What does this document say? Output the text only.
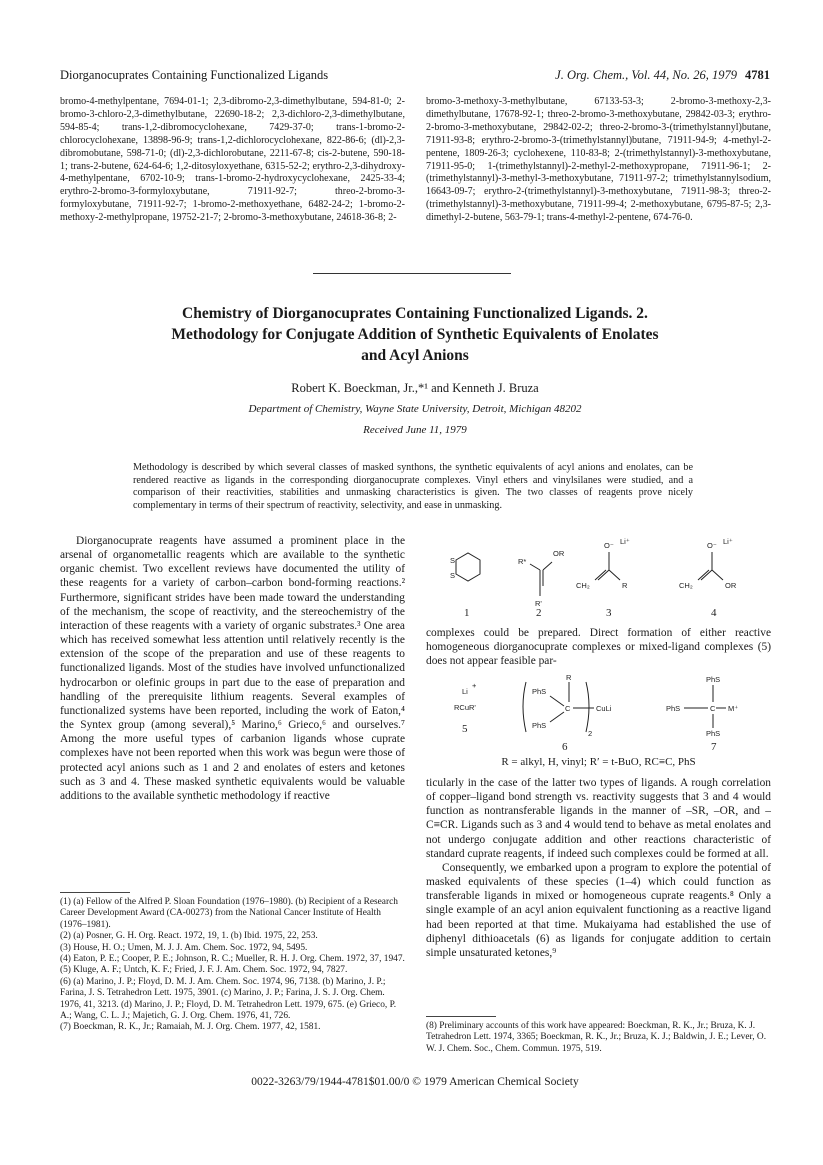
Diorganocuprates Containing Functionalized Ligands	J. Org. Chem., Vol. 44, No. 26, 1979 4781

bromo-4-methylpentane, 7694-01-1; 2,3-dibromo-2,3-dimethylbutane, 594-81-0; 2-bromo-3-chloro-2,3-dimethylbutane, 22690-18-2; 2,3-dichloro-2,3-dimethylbutane, 594-85-4; trans-1,2-dibromocyclohexane, 7429-37-0; trans-1-bromo-2-chlorocyclohexane, 13898-96-9; trans-1,2-dichlorocyclohexane, 822-86-6; (dl)-2,3-dibromobutane, 598-71-0; (dl)-2,3-dichlorobutane, 2211-67-8; cis-2-butene, 590-18-1; trans-2-butene, 624-64-6; 1,2-ditosyloxyethane, 6315-52-2; erythro-2,3-dihydroxy-4-methylpentane, 6702-10-9; trans-1-bromo-2-hydroxycyclohexane, 2425-33-4; erythro-2-bromo-3-formyloxybutane, 71911-92-7; threo-2-bromo-3-formyloxybutane, 71911-92-7; 1-bromo-2-methoxyethane, 6482-24-2; 1-bromo-2-methoxy-2-methylpropane, 19752-21-7; 2-bromo-3-methoxybutane, 24618-36-8; 2-

bromo-3-methoxy-3-methylbutane, 67133-53-3; 2-bromo-3-methoxy-2,3-dimethylbutane, 17678-92-1; threo-2-bromo-3-methoxybutane, 29842-03-3; erythro-2-bromo-3-methoxybutane, 29842-02-2; threo-2-bromo-3-(trimethylstannyl)butane, 71911-93-8; erythro-2-bromo-3-(trimethylstannyl)butane, 71911-94-9; 4-methyl-2-pentene, 1809-26-3; cyclohexene, 110-83-8; 2-(trimethylstannyl)-3-methoxybutane, 71911-95-0; 1-(trimethylstannyl)-2-methyl-2-methoxypropane, 71911-96-1; 2-(trimethylstannyl)-3-methyl-3-methoxybutane, 71911-97-2; trimethylstannylsodium, 16643-09-7; erythro-2-(trimethylstannyl)-3-methoxybutane, 71911-98-3; threo-2-(trimethylstannyl)-3-methoxybutane, 71911-99-4; 2-methoxybutane, 6795-87-5; 2,3-dimethyl-2-butene, 563-79-1; trans-4-methyl-2-pentene, 674-76-0.

Chemistry of Diorganocuprates Containing Functionalized Ligands. 2.
Methodology for Conjugate Addition of Synthetic Equivalents of Enolates
and Acyl Anions
Robert K. Boeckman, Jr.,*¹ and Kenneth J. Bruza
Department of Chemistry, Wayne State University, Detroit, Michigan 48202
Received June 11, 1979
Methodology is described by which several classes of masked synthons, the synthetic equivalents of acyl anions and enolates, can be rendered reactive as ligands in the corresponding diorganocuprate complexes. Vinyl ethers and vinylsilanes were studied, and a comparison of their reactivities, stabilities and unmasking characteristics is given. The two classes of reagents prove nicely complementary in terms of their spectrum of reactivity, selectivity, and ease in unmasking.

Diorganocuprate reagents have assumed a prominent place in the arsenal of organometallic reagents which are available to the synthetic organic chemist. Two excellent reviews have documented the utility of these reagents for a variety of carbon–carbon bond-forming reactions.² Furthermore, significant strides have been made toward the understanding of the mechanism, the scope of reactivity, and the stereochemistry of the interaction of these reagents with a variety of organic substrates.³ One area which has received somewhat less attention until relatively recently is the extension of the scope of the preparation and use of these reagents to functionalized ligands. Most of the studies have involved unfunctionalized hydrocarbon or olefinic groups in part due to the ease of preparation and handling of the prerequisite lithium reagents. Several examples of functionalized systems have been reported, including the work of Eaton,⁴ the Syntex group (among several),⁵ Marino,⁶ Grieco,⁶ and ourselves.⁷ Among the more useful types of carbanion ligands whose cuprate complexes have not been reported when this work was begun were those of protected acyl anions such as 1 and 2 and enolates of esters and ketones such as 3 and 4. These masked synthetic equivalents would be valuable additions to the available synthetic methodology if reactive

(1) (a) Fellow of the Alfred P. Sloan Foundation (1976–1980). (b) Recipient of a Research Career Development Award (CA-00273) from the National Cancer Institute of Health (1976–1981).

(2) (a) Posner, G. H. Org. React. 1972, 19, 1. (b) Ibid. 1975, 22, 253.

(3) House, H. O.; Umen, M. J. J. Am. Chem. Soc. 1972, 94, 5495.

(4) Eaton, P. E.; Cooper, P. E.; Johnson, R. C.; Mueller, R. H. J. Org. Chem. 1972, 37, 1947.

(5) Kluge, A. F.; Untch, K. F.; Fried, J. F. J. Am. Chem. Soc. 1972, 94, 7827.

(6) (a) Marino, J. P.; Floyd, D. M. J. Am. Chem. Soc. 1974, 96, 7138. (b) Marino, J. P.; Farina, J. S. Tetrahedron Lett. 1975, 3901. (c) Marino, J. P.; Farina, J. S. J. Org. Chem. 1976, 41, 3213. (d) Marino, J. P.; Floyd, D. M. Tetrahedron Lett. 1979, 675. (e) Grieco, P. A.; Wang, C. L. J.; Majetich, G. J. Org. Chem. 1976, 41, 726.

(7) Boeckman, R. K., Jr.; Ramaiah, M. J. Org. Chem. 1977, 42, 1581.

S
S
R*
OR
R'
O⁻ Li⁺
CH₂	R
O⁻ Li⁺
CH₂	OR
1	2	3	4

complexes could be prepared. Direct formation of either reactive homogeneous diorganocuprate complexes or mixed-ligand complexes (5) does not appear feasible par-

Li
+
RCuR'
5
PhS
PhS
R
C	CuLi
2
6
PhS
PhS	C M⁺
PhS
7
R = alkyl, H, vinyl; R′ = t-BuO, RC≡C, PhS

ticularly in the case of the latter two types of ligands. A rough correlation of copper–ligand bond strength vs. reactivity suggests that 3 and 4 would function as nontransferable ligands in the manner of –SR, –OR, and –C≡CR. Ligands such as 3 and 4 would tend to behave as metal enolates and not undergo conjugate addition and other reactions characteristic of standard cuprate reagents, if indeed such complexes could be formed at all.

Consequently, we embarked upon a program to explore the potential of masked equivalents of these species (1–4) which could function as transferable ligands in mixed or homogeneous cuprate reagents.⁸ Only a single example of an acyl anion equivalent functioning as a reactive ligand had been reported at that time. Mukaiyama had established the use of diphenyl dithioacetals (6) as ligands for conjugate addition to certain simple unsaturated ketones,⁹

(8) Preliminary accounts of this work have appeared: Boeckman, R. K., Jr.; Bruza, K. J. Tetrahedron Lett. 1974, 3365; Boeckman, R. K., Jr.; Bruza, K. J.; Baldwin, J. E.; Lever, O. W. J. Chem. Soc., Chem. Commun. 1975, 519.

0022-3263/79/1944-4781$01.00/0 © 1979 American Chemical Society
